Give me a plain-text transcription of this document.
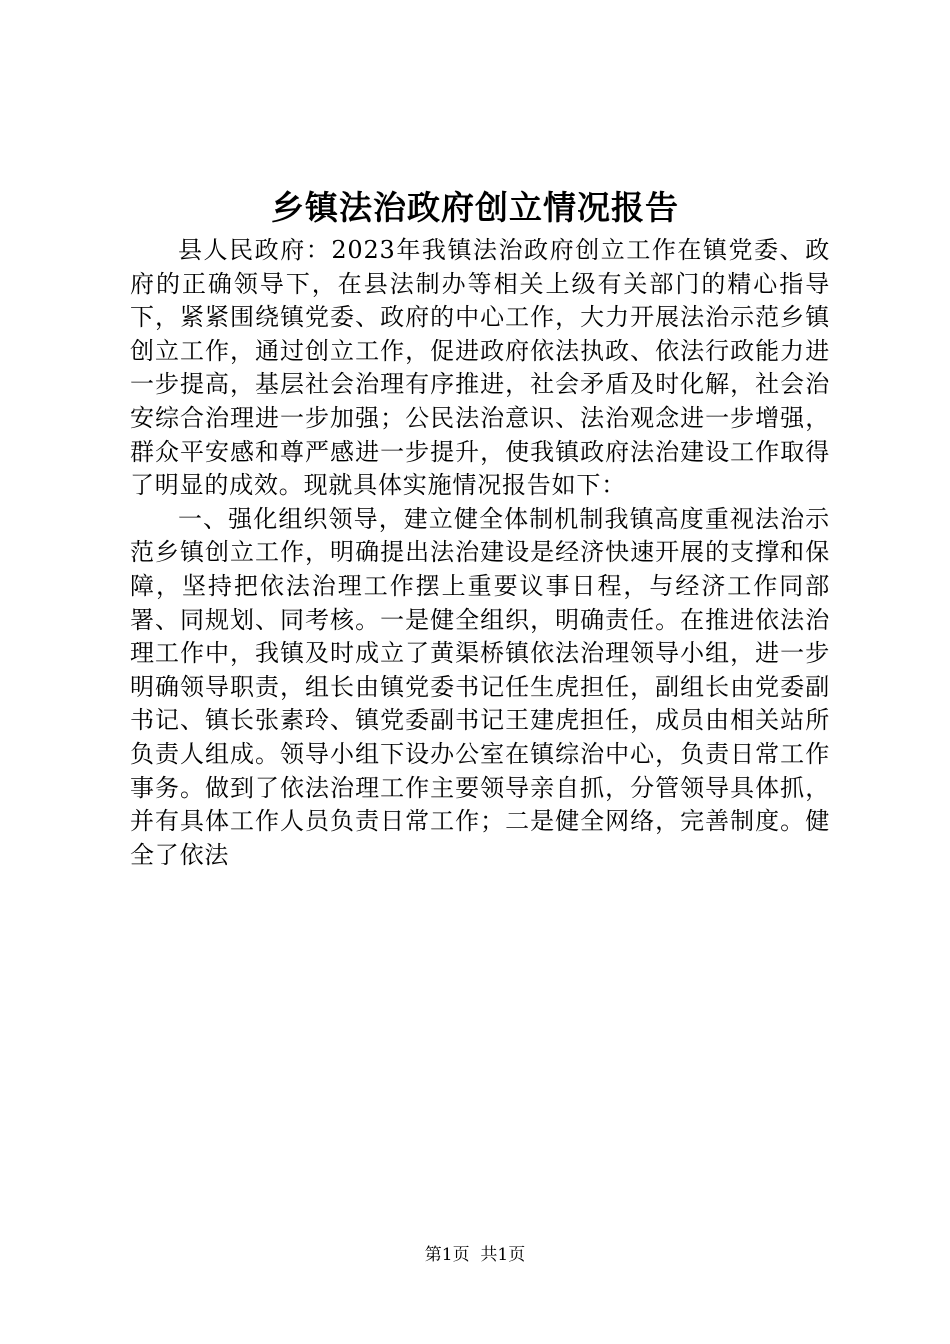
乡镇法治政府创立情况报告

县人民政府：2023年我镇法治政府创立工作在镇党委、政府的正确领导下，在县法制办等相关上级有关部门的精心指导下，紧紧围绕镇党委、政府的中心工作，大力开展法治示范乡镇创立工作，通过创立工作，促进政府依法执政、依法行政能力进一步提高，基层社会治理有序推进，社会矛盾及时化解，社会治安综合治理进一步加强；公民法治意识、法治观念进一步增强，群众平安感和尊严感进一步提升，使我镇政府法治建设工作取得了明显的成效。现就具体实施情况报告如下：

一、强化组织领导，建立健全体制机制我镇高度重视法治示范乡镇创立工作，明确提出法治建设是经济快速开展的支撑和保障，坚持把依法治理工作摆上重要议事日程，与经济工作同部署、同规划、同考核。一是健全组织，明确责任。在推进依法治理工作中，我镇及时成立了黄渠桥镇依法治理领导小组，进一步明确领导职责，组长由镇党委书记任生虎担任，副组长由党委副书记、镇长张素玲、镇党委副书记王建虎担任，成员由相关站所负责人组成。领导小组下设办公室在镇综治中心，负责日常工作事务。做到了依法治理工作主要领导亲自抓，分管领导具体抓，并有具体工作人员负责日常工作；二是健全网络，完善制度。健全了依法

第1页  共1页
